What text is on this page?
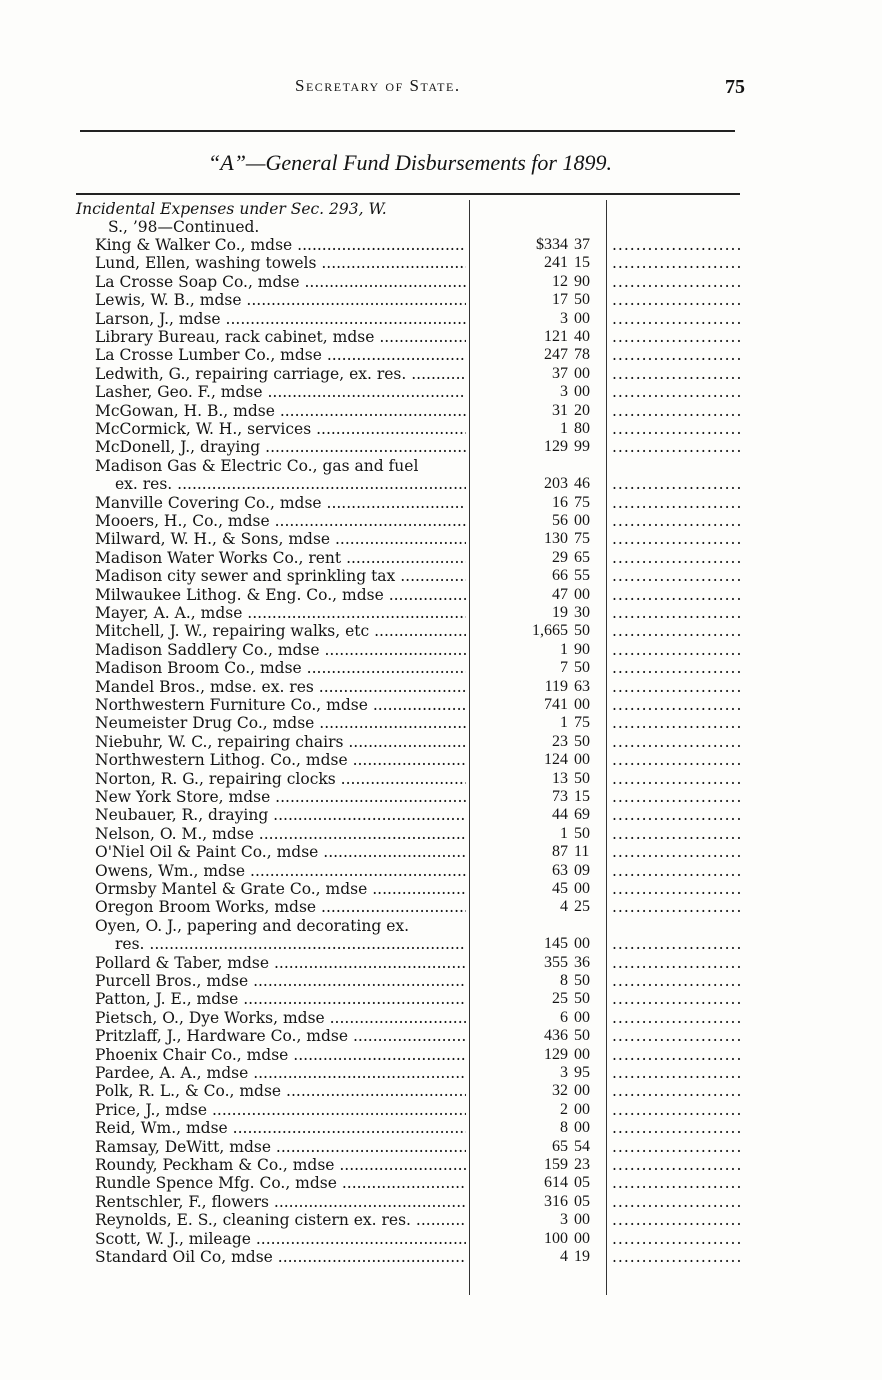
Secretary of State.	75
“A”—General Fund Disbursements for 1899.
Incidental Expenses under Sec. 293, W.
S., ’98—Continued.
King & Walker Co., mdse .....	$334 37
.....
Lund, Ellen, washing towels .....	241 15
.....
La Crosse Soap Co., mdse .....	12 90
.....
Lewis, W. B., mdse .....	17 50
.....
Larson, J., mdse .....	3 00
.....
Library Bureau, rack cabinet, mdse .....	121 40
.....
La Crosse Lumber Co., mdse .....	247 78
.....
Ledwith, G., repairing carriage, ex. res. .....	37 00
.....
Lasher, Geo. F., mdse .....	3 00
.....
McGowan, H. B., mdse .....	31 20
.....
McCormick, W. H., services .....	1 80
.....
McDonell, J., draying .....	129 99
.....
Madison Gas & Electric Co., gas and fuel
ex. res. .....	203 46
.....
Manville Covering Co., mdse .....	16 75
.....
Mooers, H., Co., mdse .....	56 00
.....
Milward, W. H., & Sons, mdse .....	130 75
.....
Madison Water Works Co., rent .....	29 65
.....
Madison city sewer and sprinkling tax .....	66 55
.....
Milwaukee Lithog. & Eng. Co., mdse .....	47 00
.....
Mayer, A. A., mdse .....	19 30
.....
Mitchell, J. W., repairing walks, etc .....	1,665 50
.....
Madison Saddlery Co., mdse .....	1 90
.....
Madison Broom Co., mdse .....	7 50
.....
Mandel Bros., mdse. ex. res .....	119 63
.....
Northwestern Furniture Co., mdse .....	741 00
.....
Neumeister Drug Co., mdse .....	1 75
.....
Niebuhr, W. C., repairing chairs .....	23 50
.....
Northwestern Lithog. Co., mdse .....	124 00
.....
Norton, R. G., repairing clocks .....	13 50
.....
New York Store, mdse .....	73 15
.....
Neubauer, R., draying .....	44 69
.....
Nelson, O. M., mdse .....	1 50
.....
O'Niel Oil & Paint Co., mdse .....	87 11
.....
Owens, Wm., mdse .....	63 09
.....
Ormsby Mantel & Grate Co., mdse .....	45 00
.....
Oregon Broom Works, mdse .....	4 25
.....
Oyen, O. J., papering and decorating ex.
res. .....	145 00
.....
Pollard & Taber, mdse .....	355 36
.....
Purcell Bros., mdse .....	8 50
.....
Patton, J. E., mdse .....	25 50
.....
Pietsch, O., Dye Works, mdse .....	6 00
.....
Pritzlaff, J., Hardware Co., mdse .....	436 50
.....
Phoenix Chair Co., mdse .....	129 00
.....
Pardee, A. A., mdse .....	3 95
.....
Polk, R. L., & Co., mdse .....	32 00
.....
Price, J., mdse .....	2 00
.....
Reid, Wm., mdse .....	8 00
.....
Ramsay, DeWitt, mdse .....	65 54
.....
Roundy, Peckham & Co., mdse .....	159 23
.....
Rundle Spence Mfg. Co., mdse .....	614 05
.....
Rentschler, F., flowers .....	316 05
.....
Reynolds, E. S., cleaning cistern ex. res. .....	3 00
.....
Scott, W. J., mileage .....	100 00
.....
Standard Oil Co, mdse .....	4 19
.....
